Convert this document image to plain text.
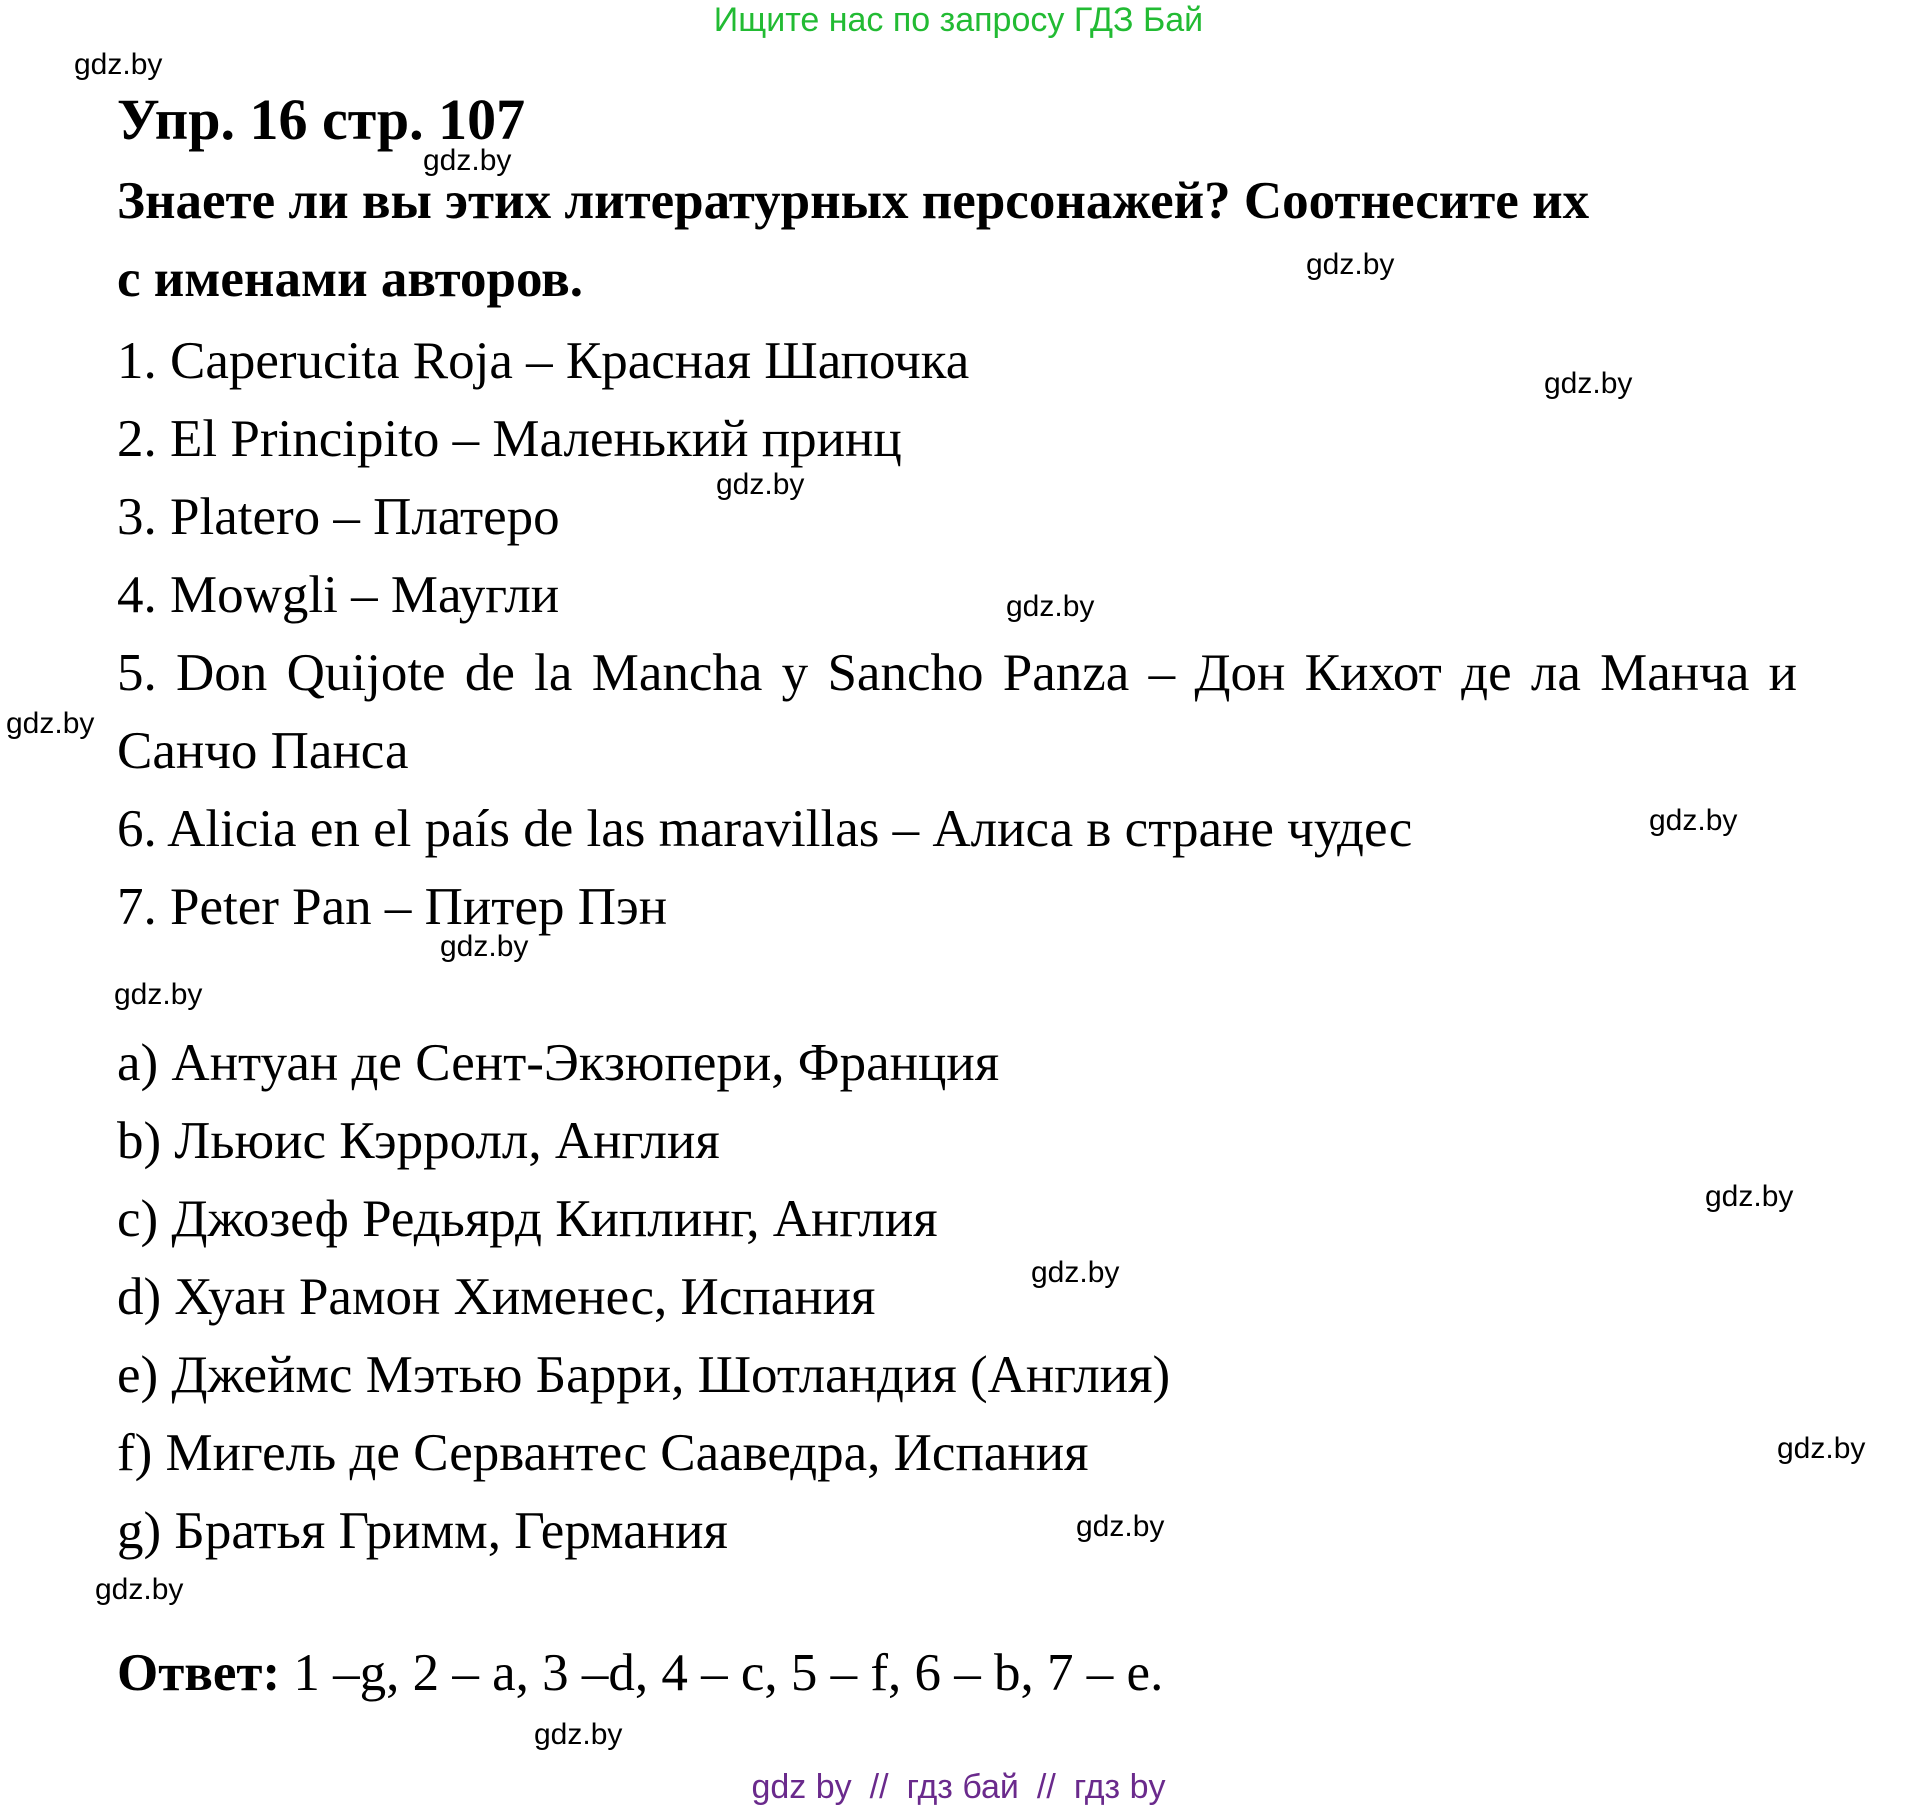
Ищите нас по запросу ГДЗ Бай
Упр. 16 стр. 107
Знаете ли вы этих литературных персонажей? Соотнесите их
с именами авторов.
1. Caperucita Roja – Красная Шапочка
2. El Principito – Маленький принц
3. Platero – Платеро
4. Mowgli – Маугли
5. Don Quijote de la Mancha y Sancho Panza – Дон Кихот де ла Манча и Санчо Панса
6. Alicia en el país de las maravillas – Алиса в стране чудес
7. Peter Pan – Питер Пэн
a) Антуан де Сент-Экзюпери, Франция
b) Льюис Кэрролл, Англия
c) Джозеф Редьярд Киплинг, Англия
d) Хуан Рамон Хименес, Испания
e) Джеймс Мэтью Барри, Шотландия (Англия)
f) Мигель де Сервантес Сааведра, Испания
g) Братья Гримм, Германия
Ответ: 1 –g, 2 – a, 3 –d, 4 – c, 5 – f, 6 – b, 7 – e.
gdz.by
gdz.by
gdz.by
gdz.by
gdz.by
gdz.by
gdz.by
gdz.by
gdz.by
gdz.by
gdz.by
gdz.by
gdz.by
gdz.by
gdz.by
gdz.by
gdz by // гдз бай // гдз by
